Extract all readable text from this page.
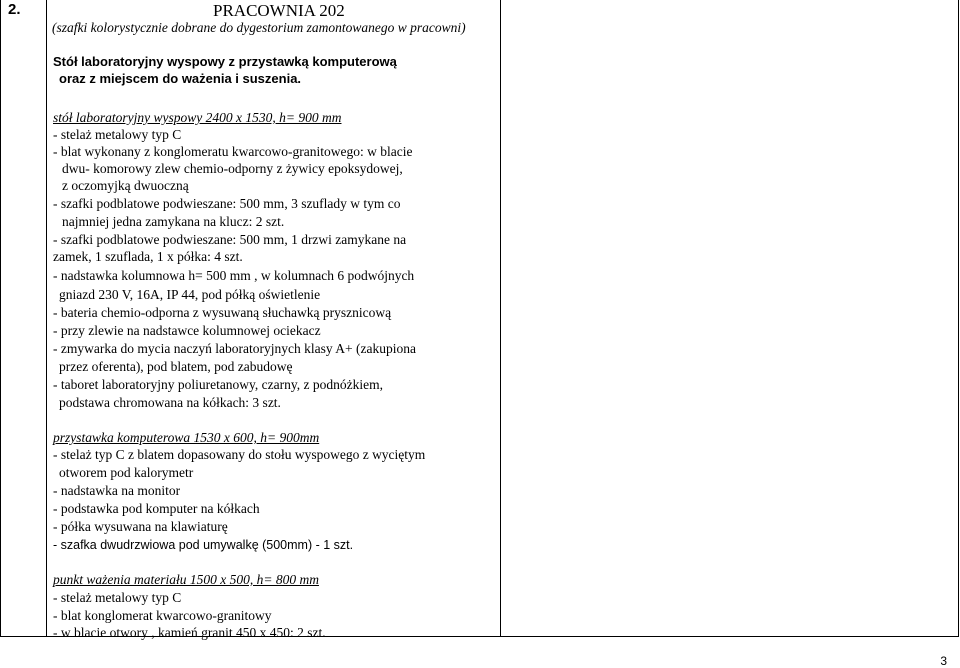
2.	PRACOWNIA 202
(szafki kolorystycznie dobrane do dygestorium zamontowanego w pracowni)
Stół laboratoryjny wyspowy z przystawką komputerową
oraz z miejscem do ważenia i suszenia.
stół laboratoryjny wyspowy 2400 x 1530, h= 900 mm
- stelaż metalowy typ C
- blat wykonany z konglomeratu kwarcowo-granitowego: w blacie
dwu- komorowy zlew chemio-odporny z żywicy epoksydowej,
z oczomyjką dwuoczną
- szafki podblatowe podwieszane: 500 mm, 3 szuflady w tym co
najmniej jedna zamykana na klucz: 2 szt.
- szafki podblatowe podwieszane: 500 mm, 1 drzwi zamykane na
zamek, 1 szuflada, 1 x półka: 4 szt.
- nadstawka kolumnowa h= 500 mm , w kolumnach 6 podwójnych
gniazd 230 V, 16A, IP 44, pod półką oświetlenie
- bateria chemio-odporna z wysuwaną słuchawką prysznicową
- przy zlewie na nadstawce kolumnowej ociekacz
- zmywarka do mycia naczyń laboratoryjnych klasy A+ (zakupiona
przez oferenta), pod blatem, pod zabudowę
- taboret laboratoryjny poliuretanowy, czarny, z podnóżkiem,
podstawa chromowana na kółkach: 3 szt.
przystawka komputerowa 1530 x 600, h= 900mm
- stelaż typ C z blatem dopasowany do stołu wyspowego z wyciętym
otworem pod kalorymetr
- nadstawka na monitor
- podstawka pod komputer na kółkach
- półka wysuwana na klawiaturę
- szafka dwudrzwiowa pod umywalkę (500mm) - 1 szt.
punkt ważenia materiału 1500 x 500, h= 800 mm
- stelaż metalowy typ C
- blat konglomerat kwarcowo-granitowy
- w blacie otwory , kamień granit 450 x 450: 2 szt.
3
